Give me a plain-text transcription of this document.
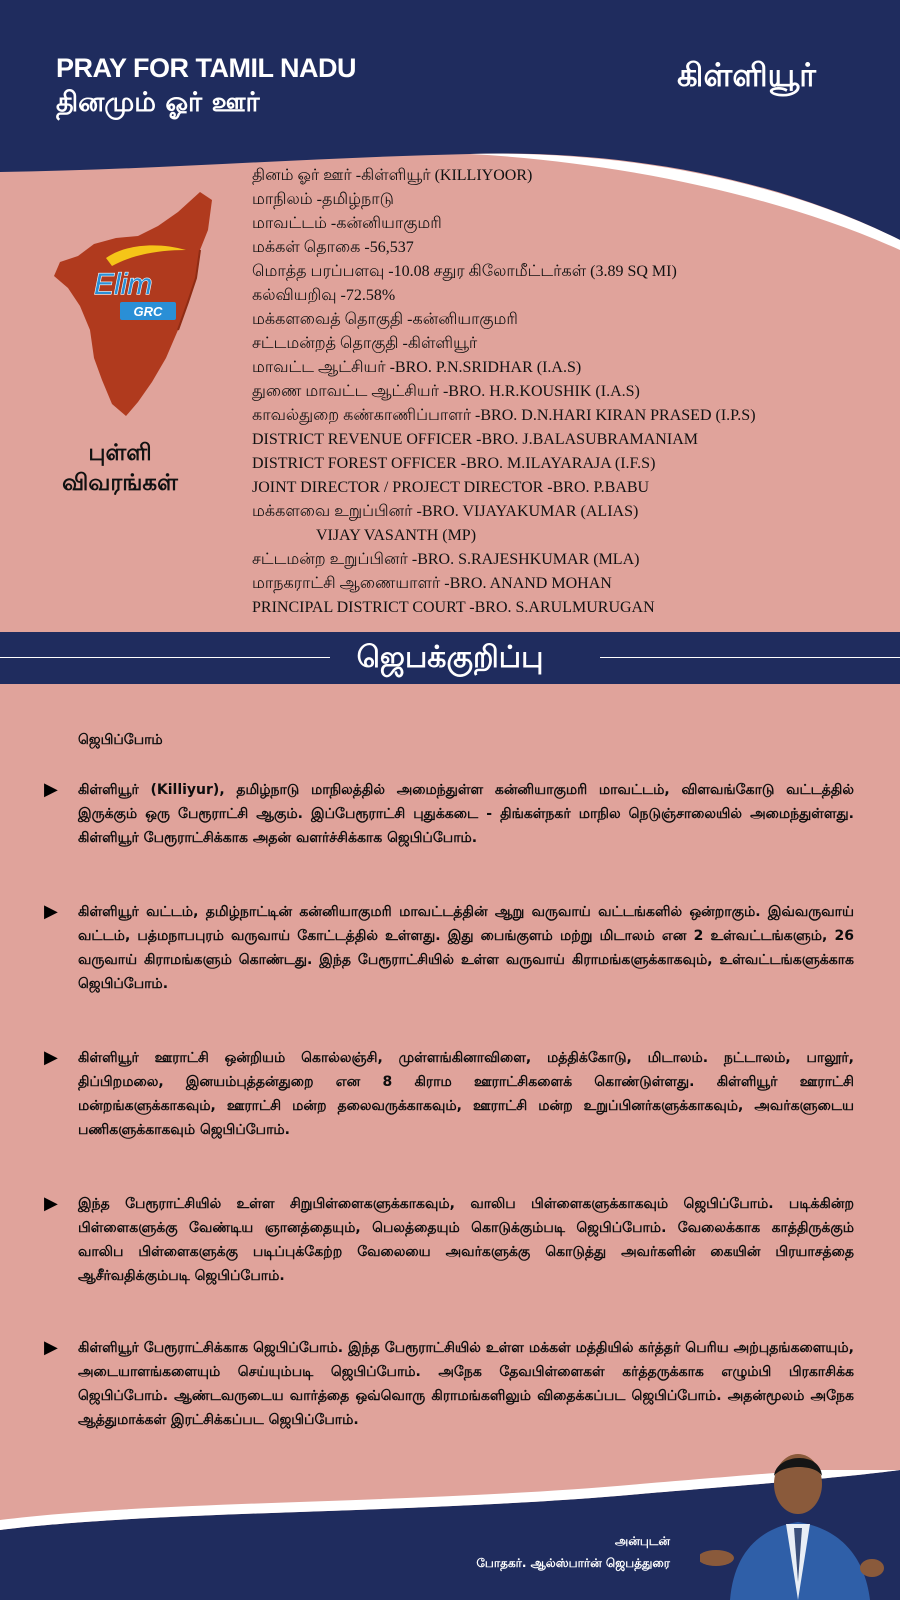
PRAY FOR TAMIL NADU
தினமும் ஓர் ஊர்
கிள்ளியூர்
Elim
GRC
புள்ளி விவரங்கள்
தினம் ஓர் ஊர் -கிள்ளியூர் (KILLIYOOR)
மாநிலம் -தமிழ்நாடு
மாவட்டம் -கன்னியாகுமரி
மக்கள் தொகை -56,537
மொத்த பரப்பளவு -10.08 சதுர கிலோமீட்டர்கள் (3.89 SQ MI)
கல்வியறிவு -72.58%
மக்களவைத் தொகுதி -கன்னியாகுமரி
சட்டமன்றத் தொகுதி -கிள்ளியூர்
மாவட்ட ஆட்சியர் -BRO. P.N.SRIDHAR (I.A.S)
துணை மாவட்ட ஆட்சியர் -BRO. H.R.KOUSHIK (I.A.S)
காவல்துறை கண்காணிப்பாளர் -BRO. D.N.HARI KIRAN PRASED (I.P.S)
DISTRICT REVENUE OFFICER -BRO. J.BALASUBRAMANIAM
DISTRICT FOREST OFFICER -BRO. M.ILAYARAJA (I.F.S)
JOINT DIRECTOR / PROJECT DIRECTOR -BRO. P.BABU
மக்களவை உறுப்பினர் -BRO. VIJAYAKUMAR (ALIAS)
VIJAY VASANTH (MP)
சட்டமன்ற உறுப்பினர் -BRO. S.RAJESHKUMAR (MLA)
மாநகராட்சி ஆணையாளர் -BRO. ANAND MOHAN
PRINCIPAL DISTRICT COURT -BRO. S.ARULMURUGAN
ஜெபக்குறிப்பு
ஜெபிப்போம்
▶ கிள்ளியூர் (Killiyur), தமிழ்நாடு மாநிலத்தில் அமைந்துள்ள கன்னியாகுமரி மாவட்டம், விளவங்கோடு வட்டத்தில் இருக்கும் ஒரு பேரூராட்சி ஆகும். இப்பேரூராட்சி புதுக்கடை - திங்கள்நகர் மாநில நெடுஞ்சாலையில் அமைந்துள்ளது. கிள்ளியூர் பேரூராட்சிக்காக அதன் வளர்ச்சிக்காக ஜெபிப்போம்.
▶ கிள்ளியூர் வட்டம், தமிழ்நாட்டின் கன்னியாகுமரி மாவட்டத்தின் ஆறு வருவாய் வட்டங்களில் ஒன்றாகும். இவ்வருவாய் வட்டம், பத்மநாபபுரம் வருவாய் கோட்டத்தில் உள்ளது. இது பைங்குளம் மற்று மிடாலம் என 2 உள்வட்டங்களும், 26 வருவாய் கிராமங்களும் கொண்டது. இந்த பேரூராட்சியில் உள்ள வருவாய் கிராமங்களுக்காகவும், உள்வட்டங்களுக்காக ஜெபிப்போம்.
▶ கிள்ளியூர் ஊராட்சி ஒன்றியம் கொல்லஞ்சி, முள்ளங்கினாவிளை, மத்திக்கோடு, மிடாலம். நட்டாலம், பாலூர், திப்பிறமலை, இனயம்புத்தன்துறை என 8 கிராம ஊராட்சிகளைக் கொண்டுள்ளது. கிள்ளியூர் ஊராட்சி மன்றங்களுக்காகவும், ஊராட்சி மன்ற தலைவருக்காகவும், ஊராட்சி மன்ற உறுப்பினர்களுக்காகவும், அவர்களுடைய பணிகளுக்காகவும் ஜெபிப்போம்.
▶ இந்த பேரூராட்சியில் உள்ள சிறுபிள்ளைகளுக்காகவும், வாலிப பிள்ளைகளுக்காகவும் ஜெபிப்போம். படிக்கின்ற பிள்ளைகளுக்கு வேண்டிய ஞானத்தையும், பெலத்தையும் கொடுக்கும்படி ஜெபிப்போம். வேலைக்காக காத்திருக்கும் வாலிப பிள்ளைகளுக்கு படிப்புக்கேற்ற வேலையை அவர்களுக்கு கொடுத்து அவர்களின் கையின் பிரயாசத்தை ஆசீர்வதிக்கும்படி ஜெபிப்போம்.
▶ கிள்ளியூர் பேரூராட்சிக்காக ஜெபிப்போம். இந்த பேரூராட்சியில் உள்ள மக்கள் மத்தியில் கர்த்தர் பெரிய அற்புதங்களையும், அடையாளங்களையும் செய்யும்படி ஜெபிப்போம். அநேக தேவபிள்ளைகள் கர்த்தருக்காக எழும்பி பிரகாசிக்க ஜெபிப்போம். ஆண்டவருடைய வார்த்தை ஒவ்வொரு கிராமங்களிலும் விதைக்கப்பட ஜெபிப்போம். அதன்மூலம் அநேக ஆத்துமாக்கள் இரட்சிக்கப்பட ஜெபிப்போம்.
அன்புடன்
போதகர். ஆல்ஸ்பார்ன் ஜெபத்துரை
